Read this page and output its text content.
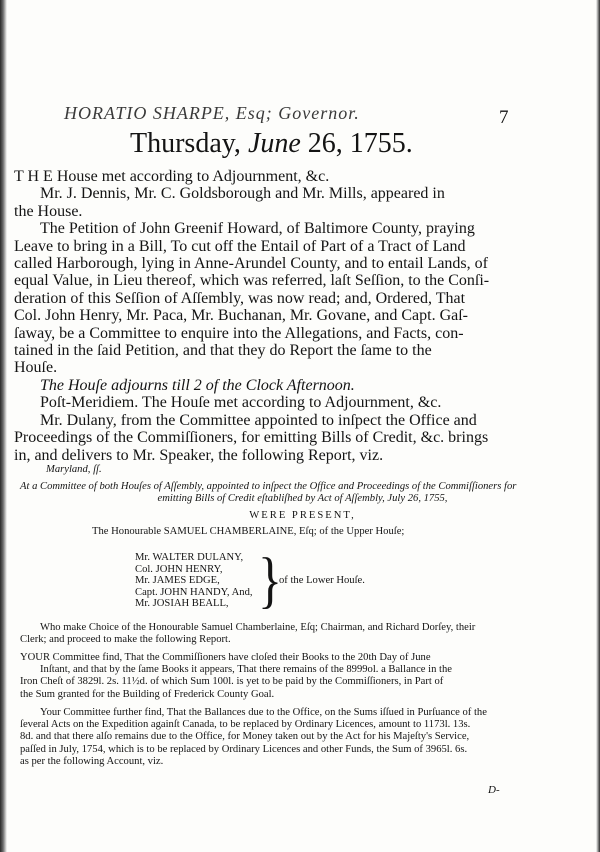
HORATIO SHARPE, Esq; Governor.	7
Thursday, June 26, 1755.
T H E House met according to Adjournment, &c.
Mr. J. Dennis, Mr. C. Goldsborough and Mr. Mills, appeared in
the House.
The Petition of John Greenif Howard, of Baltimore County, praying
Leave to bring in a Bill, To cut off the Entail of Part of a Tract of Land
called Harborough, lying in Anne-Arundel County, and to entail Lands, of
equal Value, in Lieu thereof, which was referred, laſt Seſſion, to the Conſi-
deration of this Seſſion of Aſſembly, was now read; and, Ordered, That
Col. John Henry, Mr. Paca, Mr. Buchanan, Mr. Govane, and Capt. Gaſ-
ſaway, be a Committee to enquire into the Allegations, and Facts, con-
tained in the ſaid Petition, and that they do Report the ſame to the
Houſe.
The Houſe adjourns till 2 of the Clock Afternoon.
Poſt-Meridiem. The Houſe met according to Adjournment, &c.
Mr. Dulany, from the Committee appointed to inſpect the Office and
Proceedings of the Commiſſioners, for emitting Bills of Credit, &c. brings
in, and delivers to Mr. Speaker, the following Report, viz.
Maryland, ſſ.
At a Committee of both Houſes of Aſſembly, appointed to inſpect the Office and Proceedings of the Commiſſioners for
emitting Bills of Credit eſtabliſhed by Act of Aſſembly, July 26, 1755,
WERE PRESENT,
The Honourable SAMUEL CHAMBERLAINE, Eſq; of the Upper Houſe;
Mr. WALTER DULANY,
Col. JOHN HENRY,
Mr. JAMES EDGE,
Capt. JOHN HANDY, And,
Mr. JOSIAH BEALL, }
of the Lower Houſe.
Who make Choice of the Honourable Samuel Chamberlaine, Eſq; Chairman, and Richard Dorſey, their
Clerk; and proceed to make the following Report.
YOUR Committee find, That the Commiſſioners have cloſed their Books to the 20th Day of June
Inſtant, and that by the ſame Books it appears, That there remains of the 8999ol. a Ballance in the
Iron Cheſt of 3829l. 2s. 11½d. of which Sum 100l. is yet to be paid by the Commiſſioners, in Part of
the Sum granted for the Building of Frederick County Goal.
Your Committee further find, That the Ballances due to the Office, on the Sums iſſued in Purſuance of the
ſeveral Acts on the Expedition againſt Canada, to be replaced by Ordinary Licences, amount to 1173l. 13s.
8d. and that there alſo remains due to the Office, for Money taken out by the Act for his Majeſty's Service,
paſſed in July, 1754, which is to be replaced by Ordinary Licences and other Funds, the Sum of 3965l. 6s.
as per the following Account, viz.
D-
